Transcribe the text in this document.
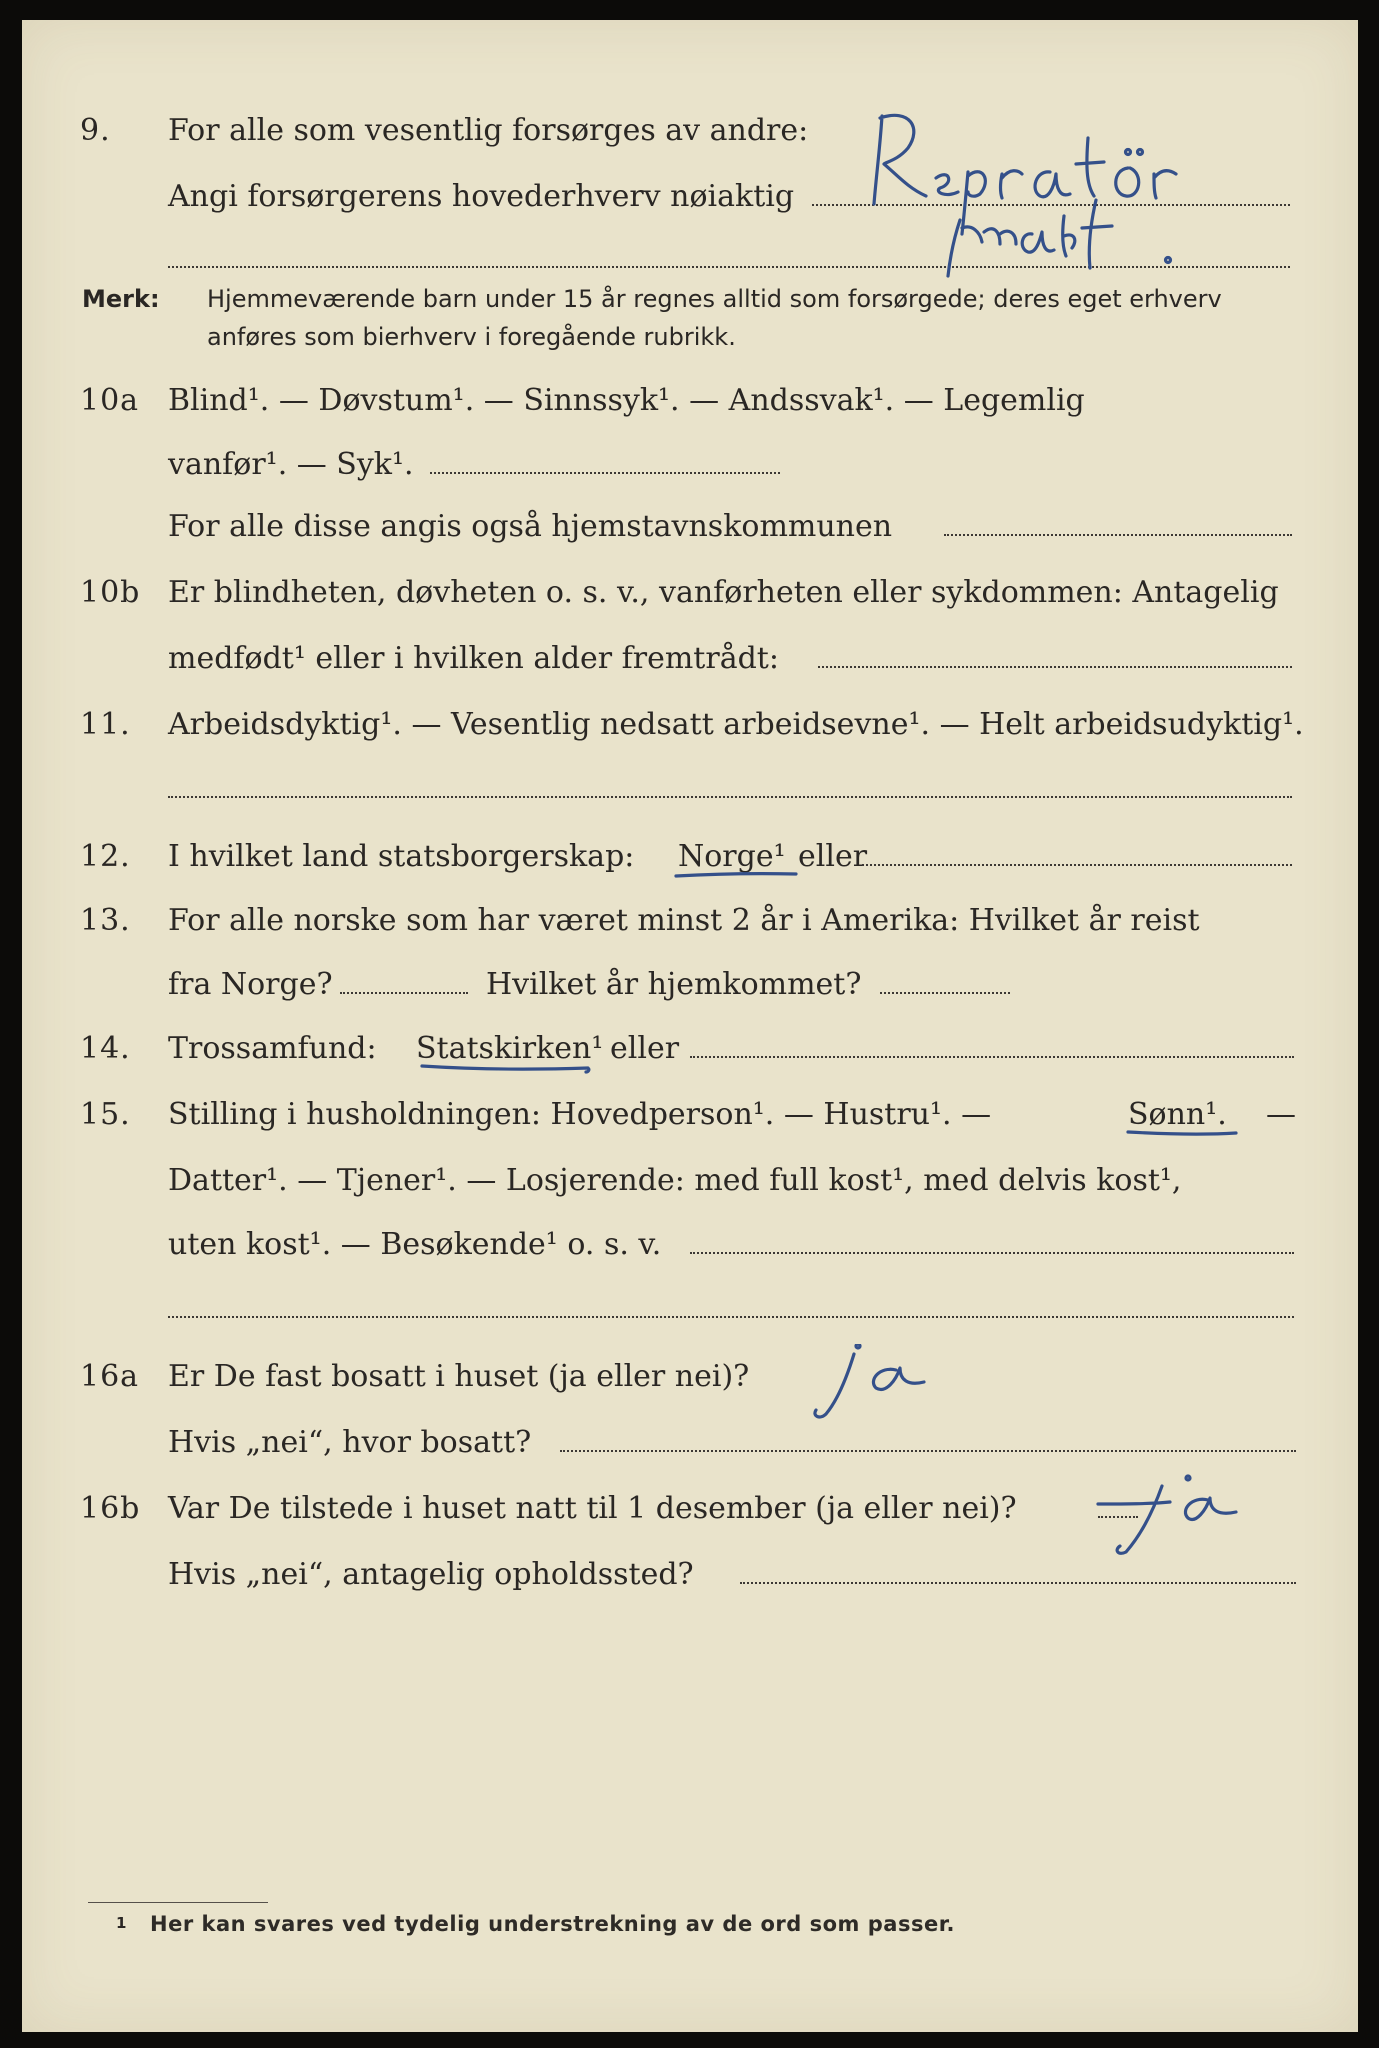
9. For alle som vesentlig forsørges av andre:
Angi forsørgerens hovederhverv nøiaktig
Merk: Hjemmeværende barn under 15 år regnes alltid som forsørgede; deres eget erhverv
anføres som bierhverv i foregående rubrikk.
10a Blind¹. — Døvstum¹. — Sinnssyk¹. — Andssvak¹. — Legemlig
vanfør¹. — Syk¹.
For alle disse angis også hjemstavnskommunen
10b Er blindheten, døvheten o. s. v., vanførheten eller sykdommen: Antagelig
medfødt¹ eller i hvilken alder fremtrådt:
11. Arbeidsdyktig¹. — Vesentlig nedsatt arbeidsevne¹. — Helt arbeidsudyktig¹.
12. I hvilket land statsborgerskap: Norge¹ eller
13. For alle norske som har været minst 2 år i Amerika: Hvilket år reist
fra Norge?	Hvilket år hjemkommet?
14. Trossamfund: Statskirken¹ eller
15. Stilling i husholdningen: Hovedperson¹. — Hustru¹. —	Sønn¹. —
Datter¹. — Tjener¹. — Losjerende: med full kost¹, med delvis kost¹,
uten kost¹. — Besøkende¹ o. s. v.
16a Er De fast bosatt i huset (ja eller nei)?
Hvis „nei“, hvor bosatt?
16b Var De tilstede i huset natt til 1 desember (ja eller nei)?
Hvis „nei“, antagelig opholdssted?
1 Her kan svares ved tydelig understrekning av de ord som passer.
